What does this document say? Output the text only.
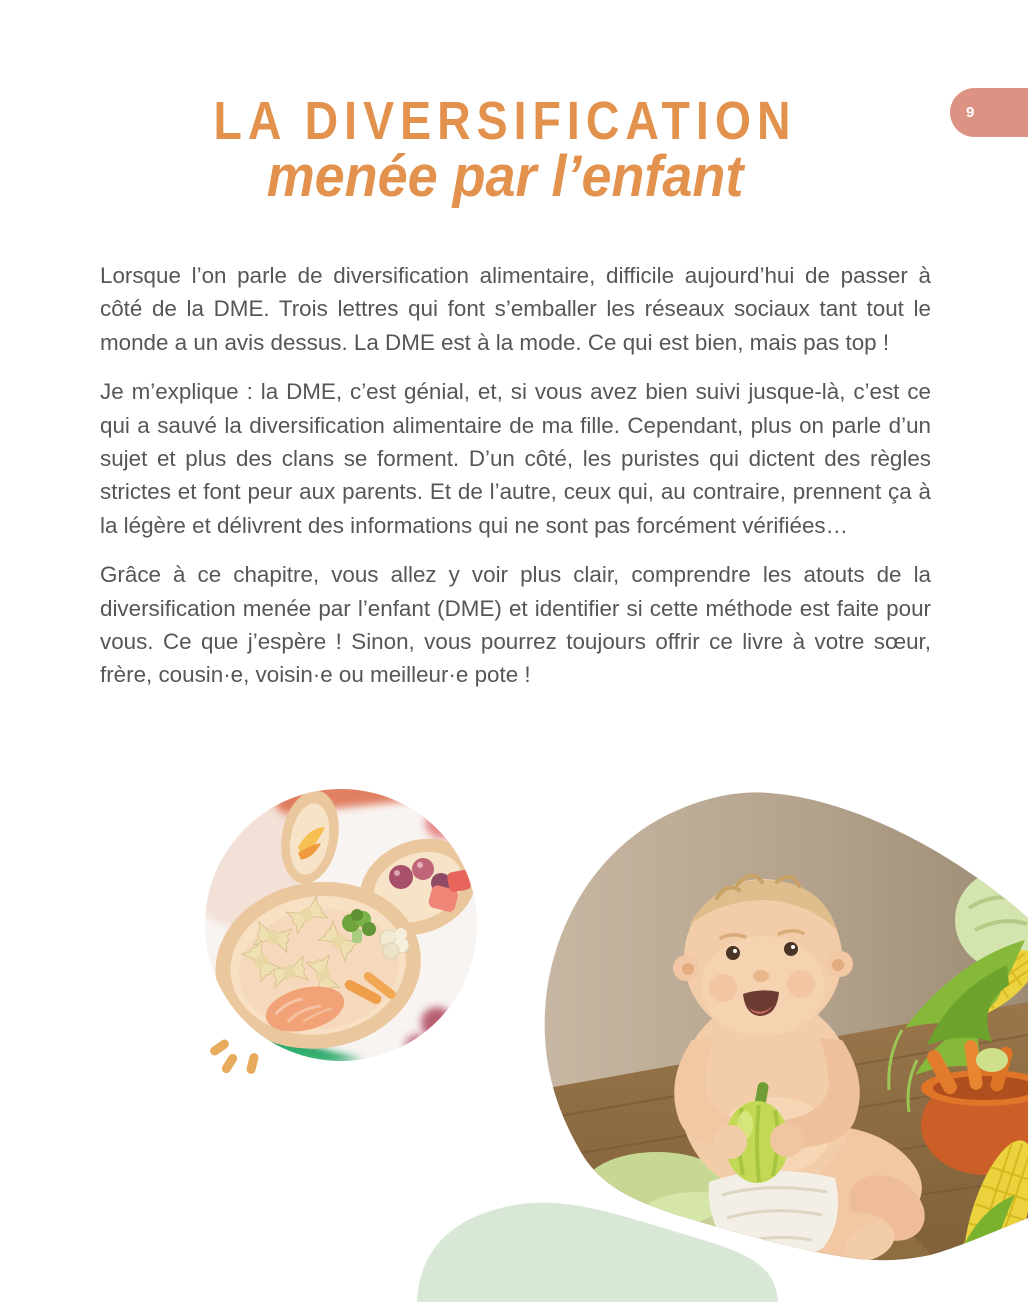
LA DIVERSIFICATION
menée par l’enfant
9

Lorsque l’on parle de diversification alimentaire, difficile aujourd’hui de passer à côté de la DME. Trois lettres qui font s’emballer les réseaux sociaux tant tout le monde a un avis dessus. La DME est à la mode. Ce qui est bien, mais pas top !

Je m’explique : la DME, c’est génial, et, si vous avez bien suivi jusque-là, c’est ce qui a sauvé la diversification alimentaire de ma fille. Cependant, plus on parle d’un sujet et plus des clans se forment. D’un côté, les puristes qui dictent des règles strictes et font peur aux parents. Et de l’autre, ceux qui, au contraire, prennent ça à la légère et délivrent des informations qui ne sont pas forcément vérifiées…

Grâce à ce chapitre, vous allez y voir plus clair, comprendre les atouts de la diversification menée par l’enfant (DME) et identifier si cette méthode est faite pour vous. Ce que j’espère ! Sinon, vous pourrez toujours offrir ce livre à votre sœur, frère, cousin·e, voisin·e ou meilleur·e pote !
